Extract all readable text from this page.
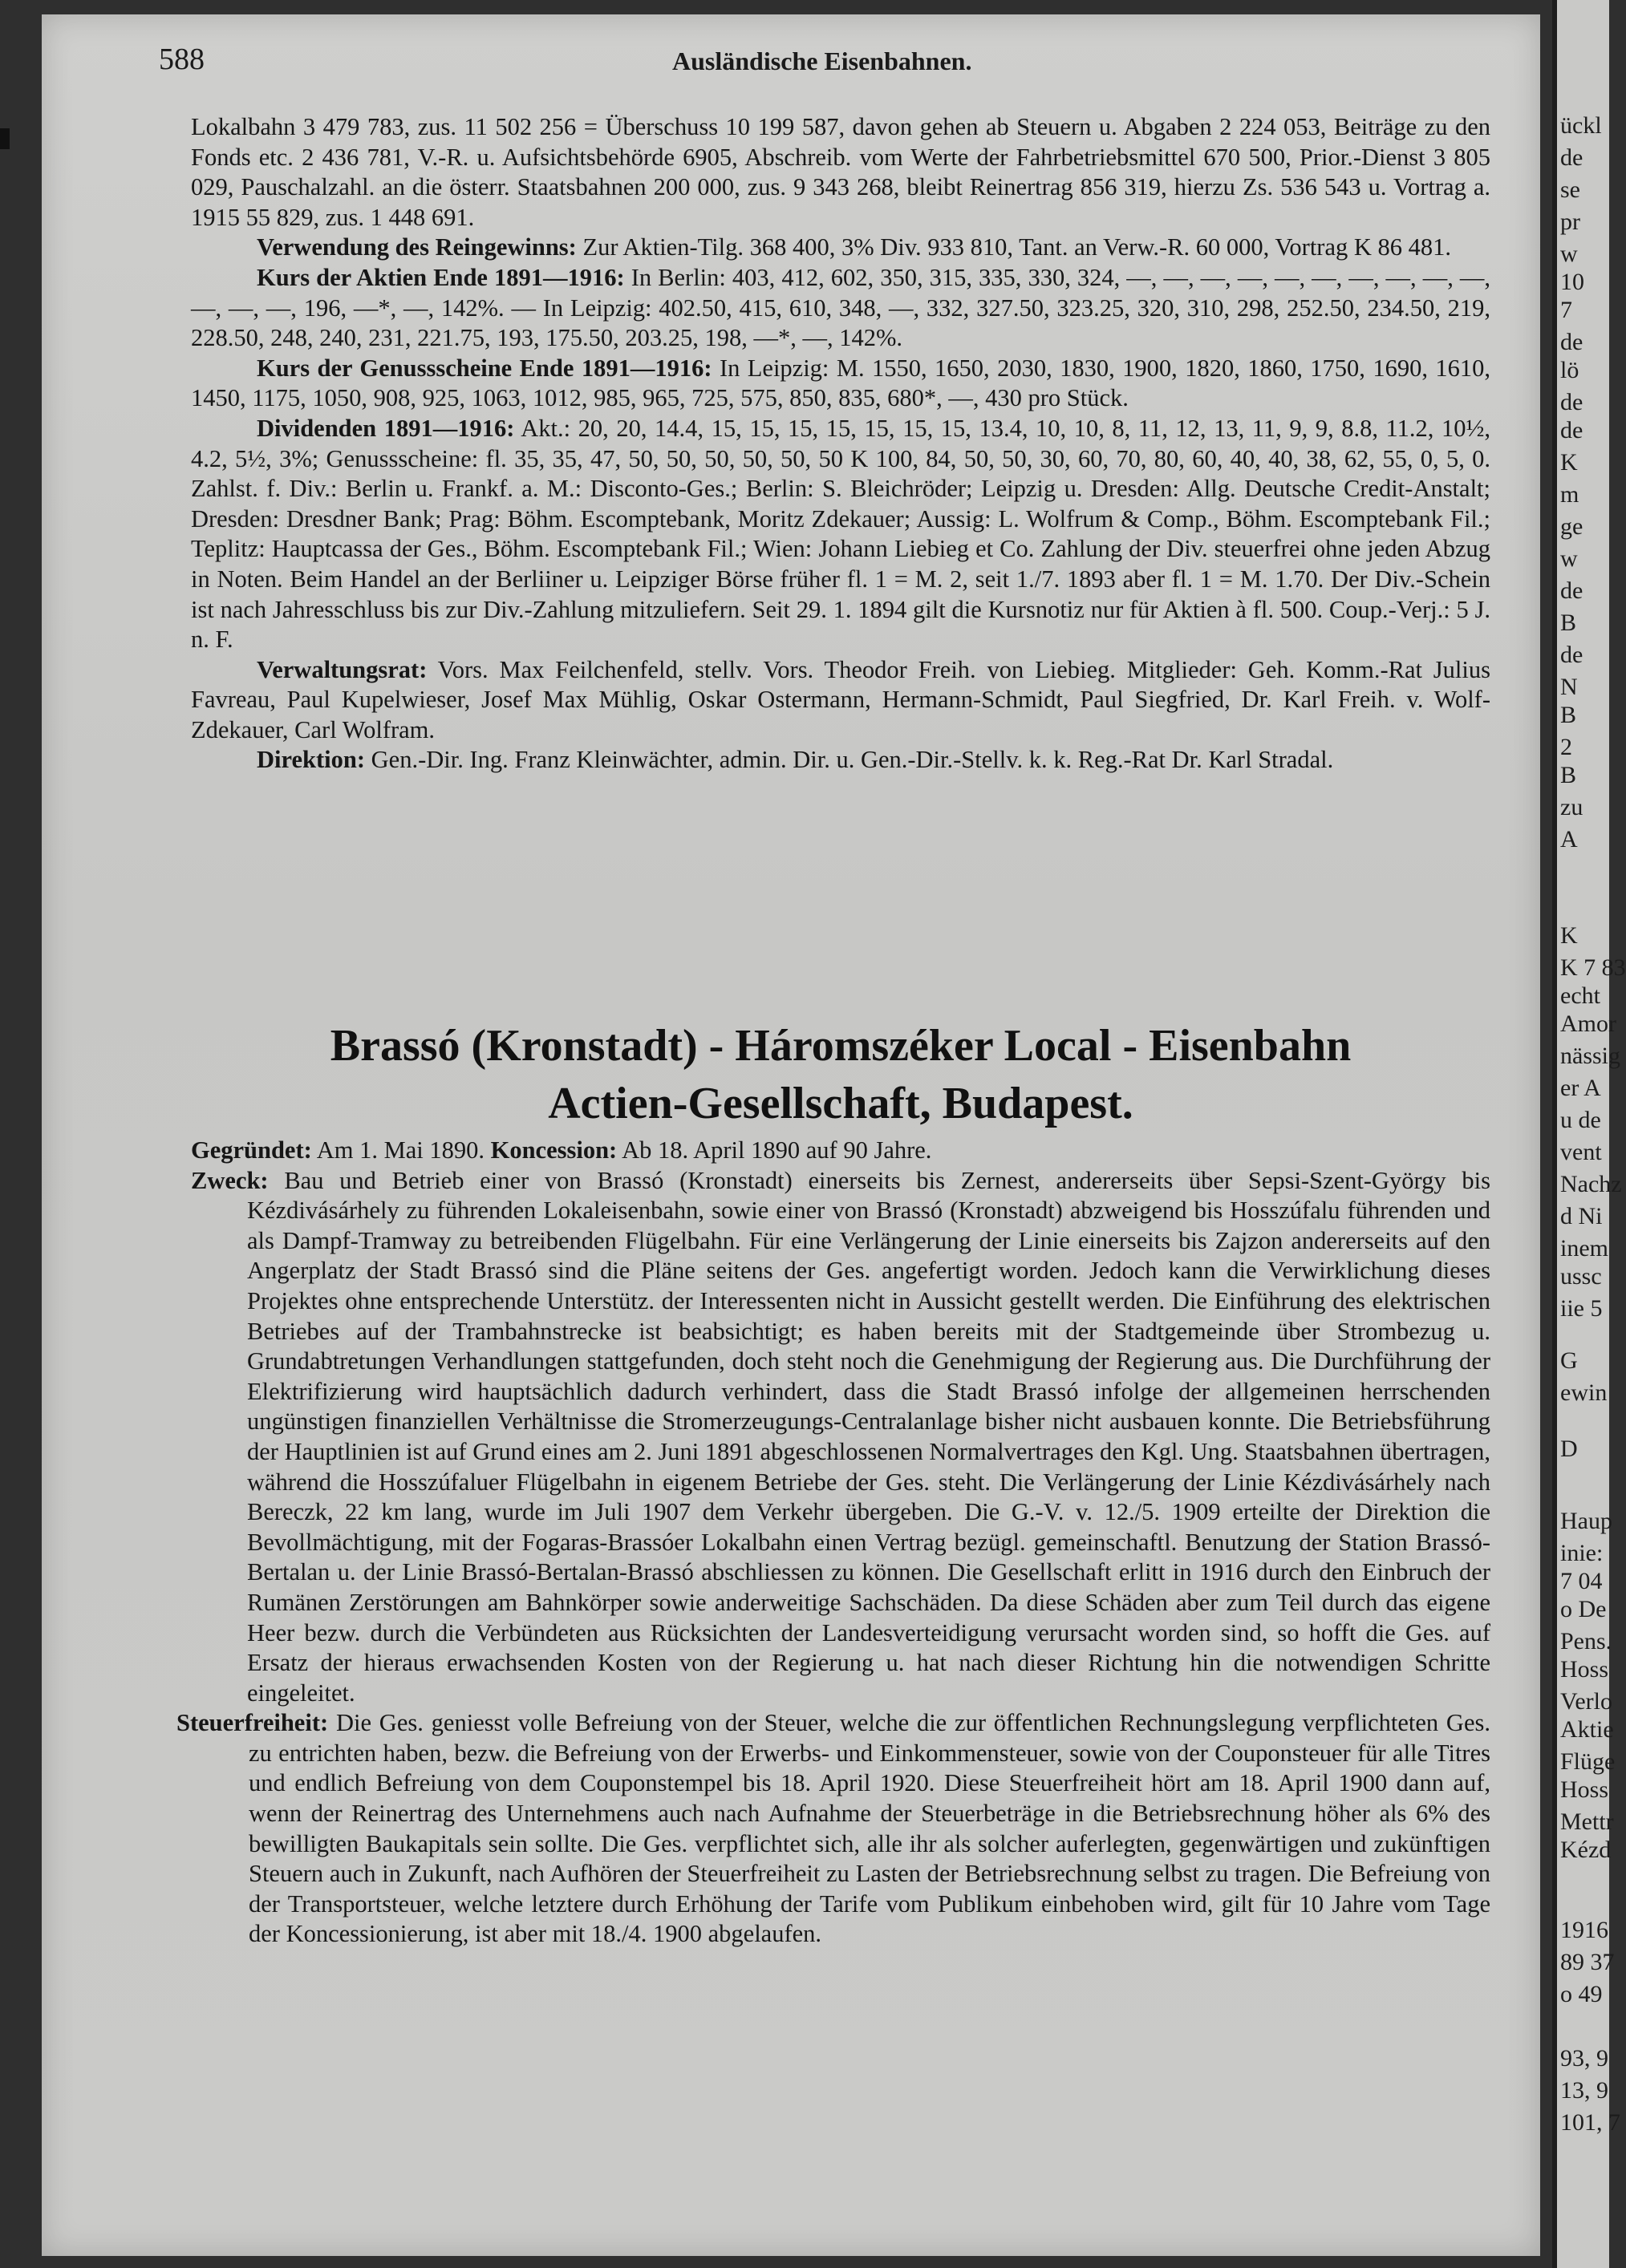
ückl
de
se
pr
w
10
7
de
lö
de
de
K
m
ge
w
de
B
de
N
B
2
B
zu
A
K
K 7 83
echt
Amor
nässig
er A
u de
vent
Nachz
d Ni
inem
ussc
iie 5
G
ewin
D
Haup
inie:
7 04
o De
Pens.
Hoss
Verlo
Aktie
Flüge
Hoss
Mettr
Kézd
1916
89 37
o 49
93, 9
13, 9
101, 7
588	Ausländische Eisenbahnen.

Lokalbahn 3 479 783, zus. 11 502 256 = Überschuss 10 199 587, davon gehen ab Steuern u. Abgaben 2 224 053, Beiträge zu den Fonds etc. 2 436 781, V.-R. u. Aufsichtsbehörde 6905, Abschreib. vom Werte der Fahrbetriebsmittel 670 500, Prior.-Dienst 3 805 029, Pauschalzahl. an die österr. Staatsbahnen 200 000, zus. 9 343 268, bleibt Reinertrag 856 319, hierzu Zs. 536 543 u. Vortrag a. 1915 55 829, zus. 1 448 691.

Verwendung des Reingewinns: Zur Aktien-Tilg. 368 400, 3% Div. 933 810, Tant. an Verw.-R. 60 000, Vortrag K 86 481.

Kurs der Aktien Ende 1891—1916: In Berlin: 403, 412, 602, 350, 315, 335, 330, 324, —, —, —, —, —, —, —, —, —, —, —, —, —, 196, —*, —, 142%. — In Leipzig: 402.50, 415, 610, 348, —, 332, 327.50, 323.25, 320, 310, 298, 252.50, 234.50, 219, 228.50, 248, 240, 231, 221.75, 193, 175.50, 203.25, 198, —*, —, 142%.

Kurs der Genussscheine Ende 1891—1916: In Leipzig: M. 1550, 1650, 2030, 1830, 1900, 1820, 1860, 1750, 1690, 1610, 1450, 1175, 1050, 908, 925, 1063, 1012, 985, 965, 725, 575, 850, 835, 680*, —, 430 pro Stück.

Dividenden 1891—1916: Akt.: 20, 20, 14.4, 15, 15, 15, 15, 15, 15, 15, 13.4, 10, 10, 8, 11, 12, 13, 11, 9, 9, 8.8, 11.2, 10½, 4.2, 5½, 3%; Genussscheine: fl. 35, 35, 47, 50, 50, 50, 50, 50, 50 K 100, 84, 50, 50, 30, 60, 70, 80, 60, 40, 40, 38, 62, 55, 0, 5, 0. Zahlst. f. Div.: Berlin u. Frankf. a. M.: Disconto-Ges.; Berlin: S. Bleichröder; Leipzig u. Dresden: Allg. Deutsche Credit-Anstalt; Dresden: Dresdner Bank; Prag: Böhm. Escomptebank, Moritz Zdekauer; Aussig: L. Wolfrum & Comp., Böhm. Escomptebank Fil.; Teplitz: Hauptcassa der Ges., Böhm. Escomptebank Fil.; Wien: Johann Liebieg et Co. Zahlung der Div. steuerfrei ohne jeden Abzug in Noten. Beim Handel an der Berliiner u. Leipziger Börse früher fl. 1 = M. 2, seit 1./7. 1893 aber fl. 1 = M. 1.70. Der Div.-Schein ist nach Jahresschluss bis zur Div.-Zahlung mitzuliefern. Seit 29. 1. 1894 gilt die Kursnotiz nur für Aktien à fl. 500. Coup.-Verj.: 5 J. n. F.

Verwaltungsrat: Vors. Max Feilchenfeld, stellv. Vors. Theodor Freih. von Liebieg. Mitglieder: Geh. Komm.-Rat Julius Favreau, Paul Kupelwieser, Josef Max Mühlig, Oskar Ostermann, Hermann-Schmidt, Paul Siegfried, Dr. Karl Freih. v. Wolf-Zdekauer, Carl Wolfram.

Direktion: Gen.-Dir. Ing. Franz Kleinwächter, admin. Dir. u. Gen.-Dir.-Stellv. k. k. Reg.-Rat Dr. Karl Stradal.

Brassó (Kronstadt) - Háromszéker Local - Eisenbahn
Actien-Gesellschaft, Budapest.

Gegründet: Am 1. Mai 1890. Koncession: Ab 18. April 1890 auf 90 Jahre.

Zweck: Bau und Betrieb einer von Brassó (Kronstadt) einerseits bis Zernest, andererseits über Sepsi-Szent-György bis Kézdivásárhely zu führenden Lokaleisenbahn, sowie einer von Brassó (Kronstadt) abzweigend bis Hosszúfalu führenden und als Dampf-Tramway zu betreibenden Flügelbahn. Für eine Verlängerung der Linie einerseits bis Zajzon andererseits auf den Angerplatz der Stadt Brassó sind die Pläne seitens der Ges. angefertigt worden. Jedoch kann die Verwirklichung dieses Projektes ohne entsprechende Unterstütz. der Interessenten nicht in Aussicht gestellt werden. Die Einführung des elektrischen Betriebes auf der Trambahnstrecke ist beabsichtigt; es haben bereits mit der Stadtgemeinde über Strombezug u. Grundabtretungen Verhandlungen stattgefunden, doch steht noch die Genehmigung der Regierung aus. Die Durchführung der Elektrifizierung wird hauptsächlich dadurch verhindert, dass die Stadt Brassó infolge der allgemeinen herrschenden ungünstigen finanziellen Verhältnisse die Stromerzeugungs-Centralanlage bisher nicht ausbauen konnte. Die Betriebsführung der Hauptlinien ist auf Grund eines am 2. Juni 1891 abgeschlossenen Normalvertrages den Kgl. Ung. Staatsbahnen übertragen, während die Hosszúfaluer Flügelbahn in eigenem Betriebe der Ges. steht. Die Verlängerung der Linie Kézdivásárhely nach Bereczk, 22 km lang, wurde im Juli 1907 dem Verkehr übergeben. Die G.-V. v. 12./5. 1909 erteilte der Direktion die Bevollmächtigung, mit der Fogaras-Brassóer Lokalbahn einen Vertrag bezügl. gemeinschaftl. Benutzung der Station Brassó-Bertalan u. der Linie Brassó-Bertalan-Brassó abschliessen zu können. Die Gesellschaft erlitt in 1916 durch den Einbruch der Rumänen Zerstörungen am Bahnkörper sowie anderweitige Sachschäden. Da diese Schäden aber zum Teil durch das eigene Heer bezw. durch die Verbündeten aus Rücksichten der Landesverteidigung verursacht worden sind, so hofft die Ges. auf Ersatz der hieraus erwachsenden Kosten von der Regierung u. hat nach dieser Richtung hin die notwendigen Schritte eingeleitet.

Steuerfreiheit: Die Ges. geniesst volle Befreiung von der Steuer, welche die zur öffentlichen Rechnungslegung verpflichteten Ges. zu entrichten haben, bezw. die Befreiung von der Erwerbs- und Einkommensteuer, sowie von der Couponsteuer für alle Titres und endlich Befreiung von dem Couponstempel bis 18. April 1920. Diese Steuerfreiheit hört am 18. April 1900 dann auf, wenn der Reinertrag des Unternehmens auch nach Aufnahme der Steuerbeträge in die Betriebsrechnung höher als 6% des bewilligten Baukapitals sein sollte. Die Ges. verpflichtet sich, alle ihr als solcher auferlegten, gegenwärtigen und zukünftigen Steuern auch in Zukunft, nach Aufhören der Steuerfreiheit zu Lasten der Betriebsrechnung selbst zu tragen. Die Befreiung von der Transportsteuer, welche letztere durch Erhöhung der Tarife vom Publikum einbehoben wird, gilt für 10 Jahre vom Tage der Koncessionierung, ist aber mit 18./4. 1900 abgelaufen.
